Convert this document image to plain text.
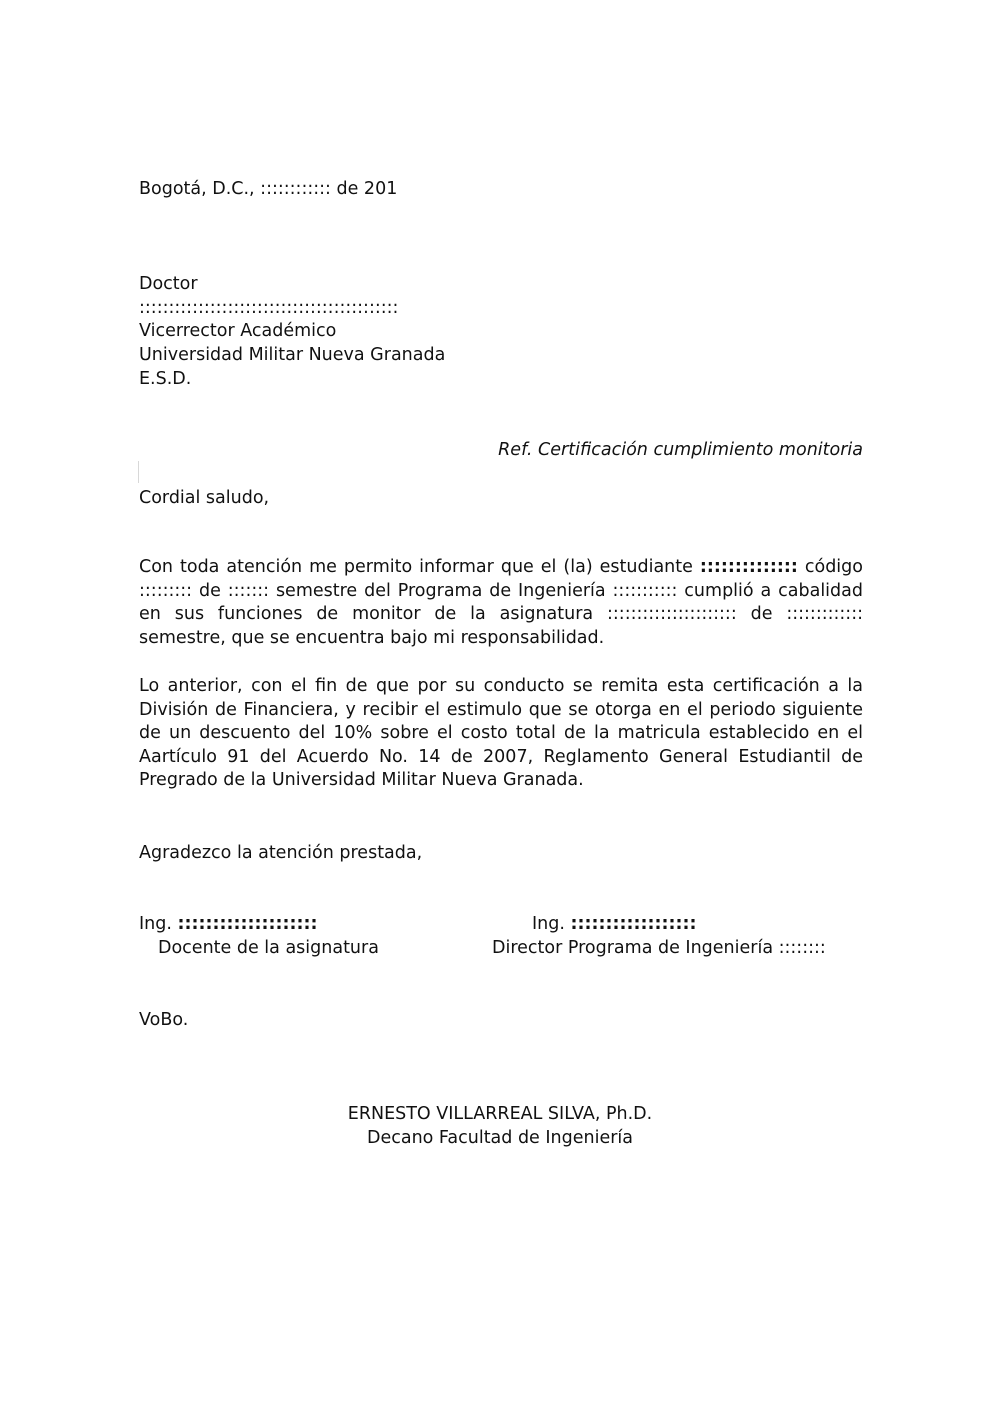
Bogotá, D.C., :::::::::::: de 201
Doctor
::::::::::::::::::::::::::::::::::::::::::::
Vicerrector Académico
Universidad Militar Nueva Granada
E.S.D.
Ref. Certificación cumplimiento monitoria
Cordial saludo,
Con toda atención me permito informar que el (la) estudiante :::::::::::::: código ::::::::: de ::::::: semestre del Programa de Ingeniería ::::::::::: cumplió a cabalidad en sus funciones de monitor de la asignatura :::::::::::::::::::::: de ::::::::::::: semestre, que se encuentra bajo mi responsabilidad.
Lo anterior, con el fin de que por su conducto se remita esta certificación a la División de Financiera, y recibir el estimulo que se otorga en el periodo siguiente de un descuento del 10% sobre el costo total de la matricula establecido en el Aartículo 91 del Acuerdo No. 14 de 2007, Reglamento General Estudiantil de Pregrado de la Universidad Militar Nueva Granada.
Agradezco la atención prestada,
Ing. ::::::::::::::::::::
Docente de la asignatura
Ing. ::::::::::::::::::
Director Programa de Ingeniería ::::::::
VoBo.
ERNESTO VILLARREAL SILVA, Ph.D.
Decano Facultad de Ingeniería
